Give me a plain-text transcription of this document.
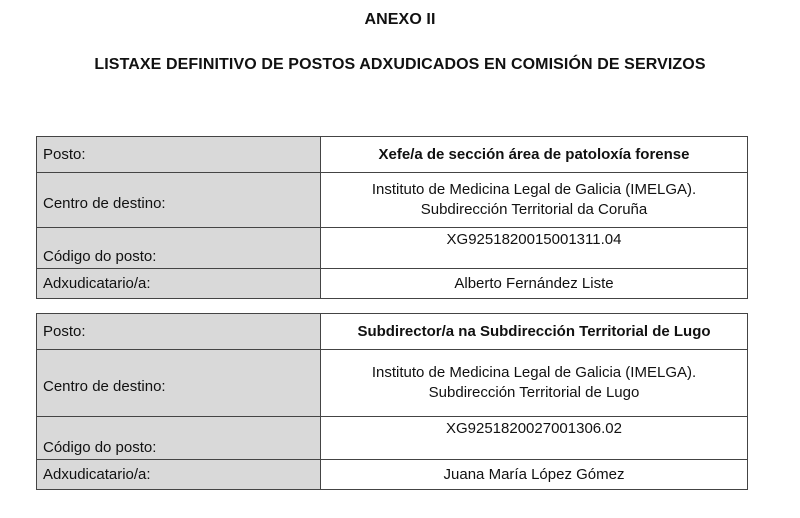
ANEXO II

LISTAXE DEFINITIVO DE POSTOS ADXUDICADOS EN COMISIÓN DE SERVIZOS

Posto:	Xefe/a de sección área de patoloxía forense
Centro de destino:	Instituto de Medicina Legal de Galicia (IMELGA).
Subdirección Territorial da Coruña

Código do posto:	XG9251820015001311.04
Adxudicatario/a:	Alberto Fernández Liste
Posto:	Subdirector/a na Subdirección Territorial de Lugo
Centro de destino:	Instituto de Medicina Legal de Galicia (IMELGA).
Subdirección Territorial de Lugo

Código do posto:	XG9251820027001306.02
Adxudicatario/a:	Juana María López Gómez
